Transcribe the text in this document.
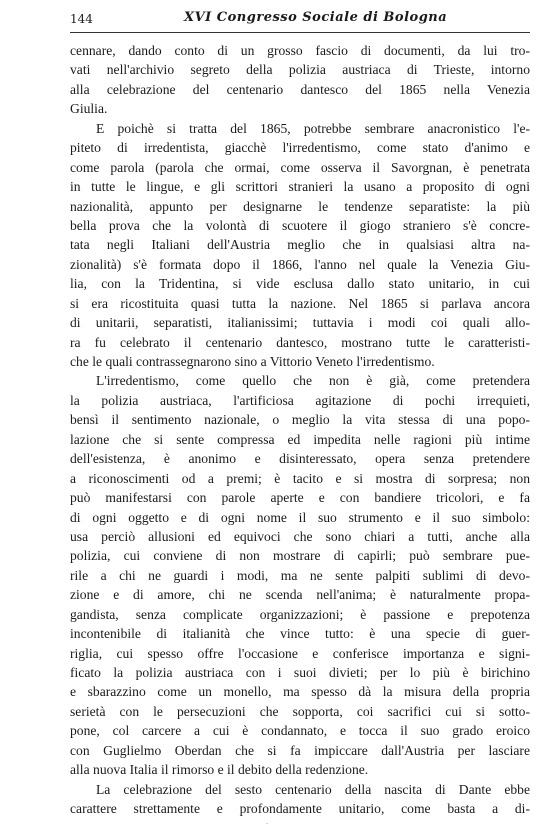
144	XVI Congresso Sociale di Bologna
cennare, dando conto di un grosso fascio di documenti, da lui tro-
vati nell'archivio segreto della polizia austriaca di Trieste, intorno
alla celebrazione del centenario dantesco del 1865 nella Venezia
Giulia.
E poichè si tratta del 1865, potrebbe sembrare anacronistico l'e-
piteto di irredentista, giacchè l'irredentismo, come stato d'animo e
come parola (parola che ormai, come osserva il Savorgnan, è penetrata
in tutte le lingue, e gli scrittori stranieri la usano a proposito di ogni
nazionalità, appunto per designarne le tendenze separatiste: la più
bella prova che la volontà di scuotere il giogo straniero s'è concre-
tata negli Italiani dell'Austria meglio che in qualsiasi altra na-
zionalità) s'è formata dopo il 1866, l'anno nel quale la Venezia Giu-
lia, con la Tridentina, si vide esclusa dallo stato unitario, in cui
si era ricostituita quasi tutta la nazione. Nel 1865 si parlava ancora
di unitarii, separatisti, italianissimi; tuttavia i modi coi quali allo-
ra fu celebrato il centenario dantesco, mostrano tutte le caratteristi-
che le quali contrassegnarono sino a Vittorio Veneto l'irredentismo.
L'irredentismo, come quello che non è già, come pretendera
la polizia austriaca, l'artificiosa agitazione di pochi irrequieti,
bensì il sentimento nazionale, o meglio la vita stessa di una popo-
lazione che si sente compressa ed impedita nelle ragioni più intime
dell'esistenza, è anonimo e disinteressato, opera senza pretendere
a riconoscimenti od a premi; è tacito e si mostra di sorpresa; non
può manifestarsi con parole aperte e con bandiere tricolori, e fa
di ogni oggetto e di ogni nome il suo strumento e il suo simbolo:
usa perciò allusioni ed equivoci che sono chiari a tutti, anche alla
polizia, cui conviene di non mostrare di capirli; può sembrare pue-
rile a chi ne guardi i modi, ma ne sente palpiti sublimi di devo-
zione e di amore, chi ne scenda nell'anima; è naturalmente propa-
gandista, senza complicate organizzazioni; è passione e prepotenza
incontenibile di italianità che vince tutto: è una specie di guer-
riglia, cui spesso offre l'occasione e conferisce importanza e signi-
ficato la polizia austriaca con i suoi divieti; per lo più è birichino
e sbarazzino come un monello, ma spesso dà la misura della propria
serietà con le persecuzioni che sopporta, coi sacrifici cui si sotto-
pone, col carcere a cui è condannato, e tocca il suo grado eroico
con Guglielmo Oberdan che si fa impiccare dall'Austria per lasciare
alla nuova Italia il rimorso e il debito della redenzione.
La celebrazione del sesto centenario della nascita di Dante ebbe
carattere strettamente e profondamente unitario, come basta a di-
·
